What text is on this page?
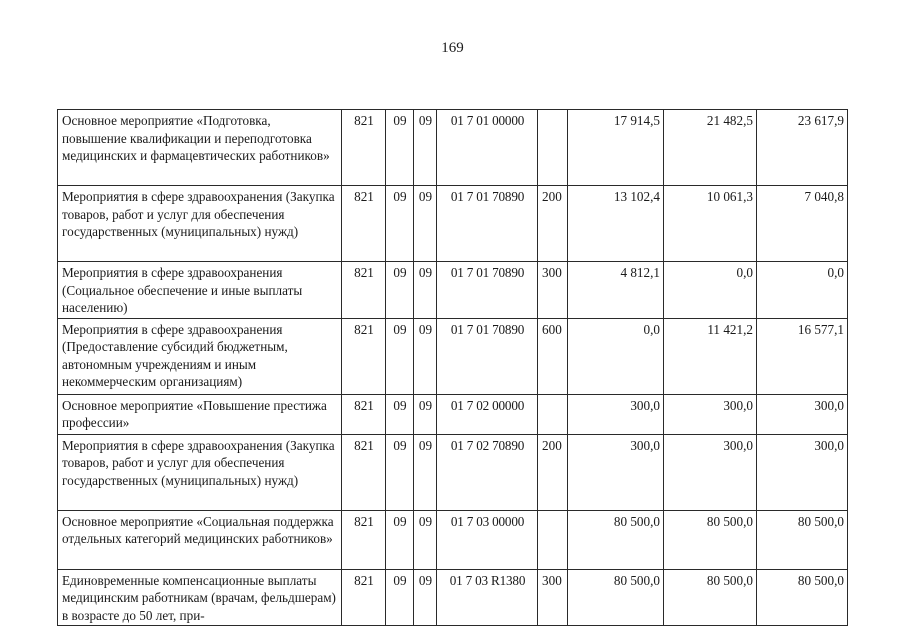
169
Основное мероприятие «Подготовка, повышение квалификации и переподготовка медицинских и фармацевтических работников»	821	09	09	01 7 01 00000		17 914,5	21 482,5	23 617,9
Мероприятия в сфере здравоохранения (Закупка товаров, работ и услуг для обеспечения государственных (муниципальных) нужд)	821	09	09	01 7 01 70890	200	13 102,4	10 061,3	7 040,8
Мероприятия в сфере здравоохранения (Социальное обеспечение и иные выплаты населению)	821	09	09	01 7 01 70890	300	4 812,1	0,0	0,0
Мероприятия в сфере здравоохранения (Предоставление субсидий бюджетным, автономным учреждениям и иным некоммерческим организациям)	821	09	09	01 7 01 70890	600	0,0	11 421,2	16 577,1
Основное мероприятие «Повышение престижа профессии»	821	09	09	01 7 02 00000		300,0	300,0	300,0
Мероприятия в сфере здравоохранения (Закупка товаров, работ и услуг для обеспечения государственных (муниципальных) нужд)	821	09	09	01 7 02 70890	200	300,0	300,0	300,0
Основное мероприятие «Социальная поддержка отдельных категорий медицинских работников»	821	09	09	01 7 03 00000		80 500,0	80 500,0	80 500,0
Единовременные компенсационные выплаты медицинским работникам (врачам, фельдшерам) в возрасте до 50 лет, при-	821	09	09	01 7 03 R1380	300	80 500,0	80 500,0	80 500,0
